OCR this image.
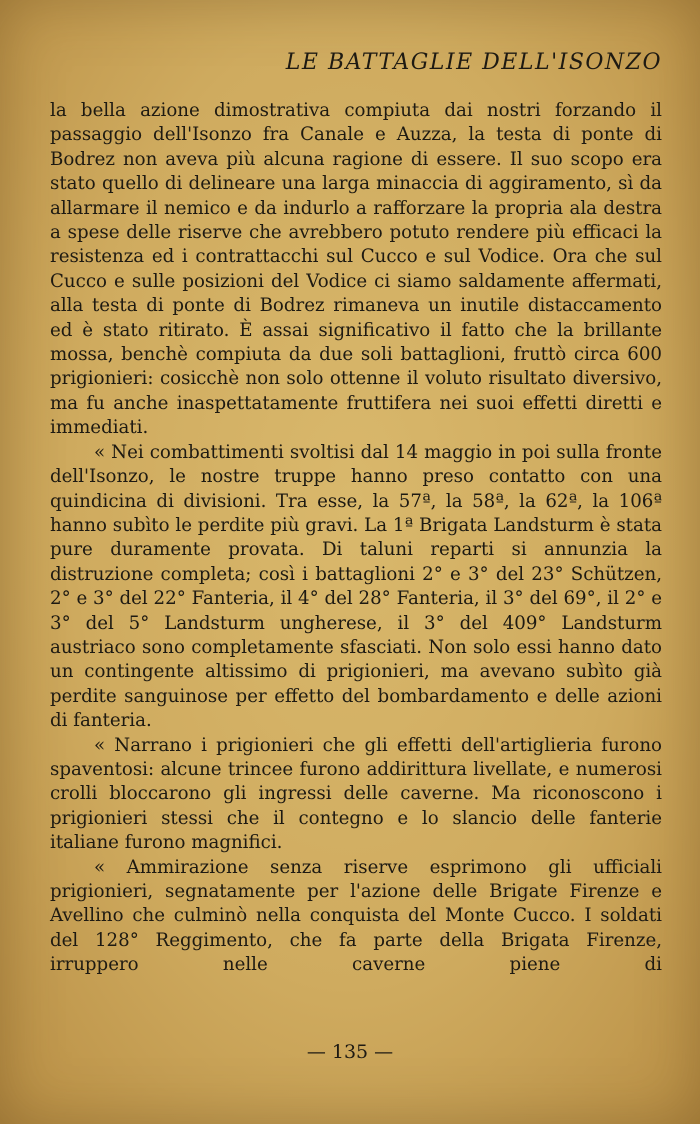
LE BATTAGLIE DELL'ISONZO

la bella azione dimostrativa compiuta dai nostri forzando il passaggio dell'Isonzo fra Canale e Auzza, la testa di ponte di Bodrez non aveva più alcuna ragione di essere. Il suo scopo era stato quello di delineare una larga minaccia di aggiramento, sì da allarmare il nemico e da indurlo a rafforzare la propria ala destra a spese delle riserve che avrebbero potuto rendere più efficaci la resistenza ed i contrattacchi sul Cucco e sul Vodice. Ora che sul Cucco e sulle posizioni del Vodice ci siamo saldamente affermati, alla testa di ponte di Bodrez rimaneva un inutile distaccamento ed è stato ritirato. È assai significativo il fatto che la brillante mossa, benchè compiuta da due soli battaglioni, fruttò circa 600 prigionieri: cosicchè non solo ottenne il voluto risultato diversivo, ma fu anche inaspettatamente fruttifera nei suoi effetti diretti e immediati.

« Nei combattimenti svoltisi dal 14 maggio in poi sulla fronte dell'Isonzo, le nostre truppe hanno preso contatto con una quindicina di divisioni. Tra esse, la 57ª, la 58ª, la 62ª, la 106ª hanno subìto le perdite più gravi. La 1ª Brigata Landsturm è stata pure duramente provata. Di taluni reparti si annunzia la distruzione completa; così i battaglioni 2° e 3° del 23° Schützen, 2° e 3° del 22° Fanteria, il 4° del 28° Fanteria, il 3° del 69°, il 2° e 3° del 5° Landsturm ungherese, il 3° del 409° Landsturm austriaco sono completamente sfasciati. Non solo essi hanno dato un contingente altissimo di prigionieri, ma avevano subìto già perdite sanguinose per effetto del bombardamento e delle azioni di fanteria.

« Narrano i prigionieri che gli effetti dell'artiglieria furono spaventosi: alcune trincee furono addirittura livellate, e numerosi crolli bloccarono gli ingressi delle caverne. Ma riconoscono i prigionieri stessi che il contegno e lo slancio delle fanterie italiane furono magnifici.

« Ammirazione senza riserve esprimono gli ufficiali prigionieri, segnatamente per l'azione delle Brigate Firenze e Avellino che culminò nella conquista del Monte Cucco. I soldati del 128° Reggimento, che fa parte della Brigata Firenze, irruppero nelle caverne piene di

— 135 —
